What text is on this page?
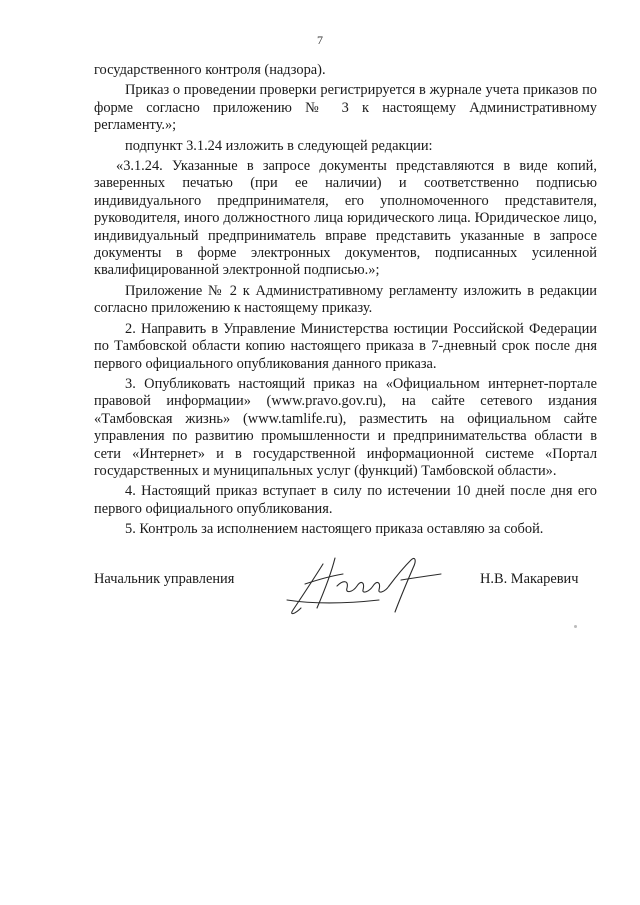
7

государственного контроля (надзора).

Приказ о проведении проверки регистрируется в журнале учета приказов по форме согласно приложению № 3 к настоящему Административному регламенту.»;

подпункт 3.1.24 изложить в следующей редакции:

«3.1.24. Указанные в запросе документы представляются в виде копий, заверенных печатью (при ее наличии) и соответственно подписью индивидуального предпринимателя, его уполномоченного представителя, руководителя, иного должностного лица юридического лица. Юридическое лицо, индивидуальный предприниматель вправе представить указанные в запросе документы в форме электронных документов, подписанных усиленной квалифицированной электронной подписью.»;

Приложение № 2 к Административному регламенту изложить в редакции согласно приложению к настоящему приказу.

2. Направить в Управление Министерства юстиции Российской Федерации по Тамбовской области копию настоящего приказа в 7-дневный срок после дня первого официального опубликования данного приказа.

3. Опубликовать настоящий приказ на «Официальном интернет-портале правовой информации» (www.pravo.gov.ru), на сайте сетевого издания «Тамбовская жизнь» (www.tamlife.ru), разместить на официальном сайте управления по развитию промышленности и предпринимательства области в сети «Интернет» и в государственной информационной системе «Портал государственных и муниципальных услуг (функций) Тамбовской области».

4. Настоящий приказ вступает в силу по истечении 10 дней после дня его первого официального опубликования.

5. Контроль за исполнением настоящего приказа оставляю за собой.

Начальник управления	Н.В. Макаревич
